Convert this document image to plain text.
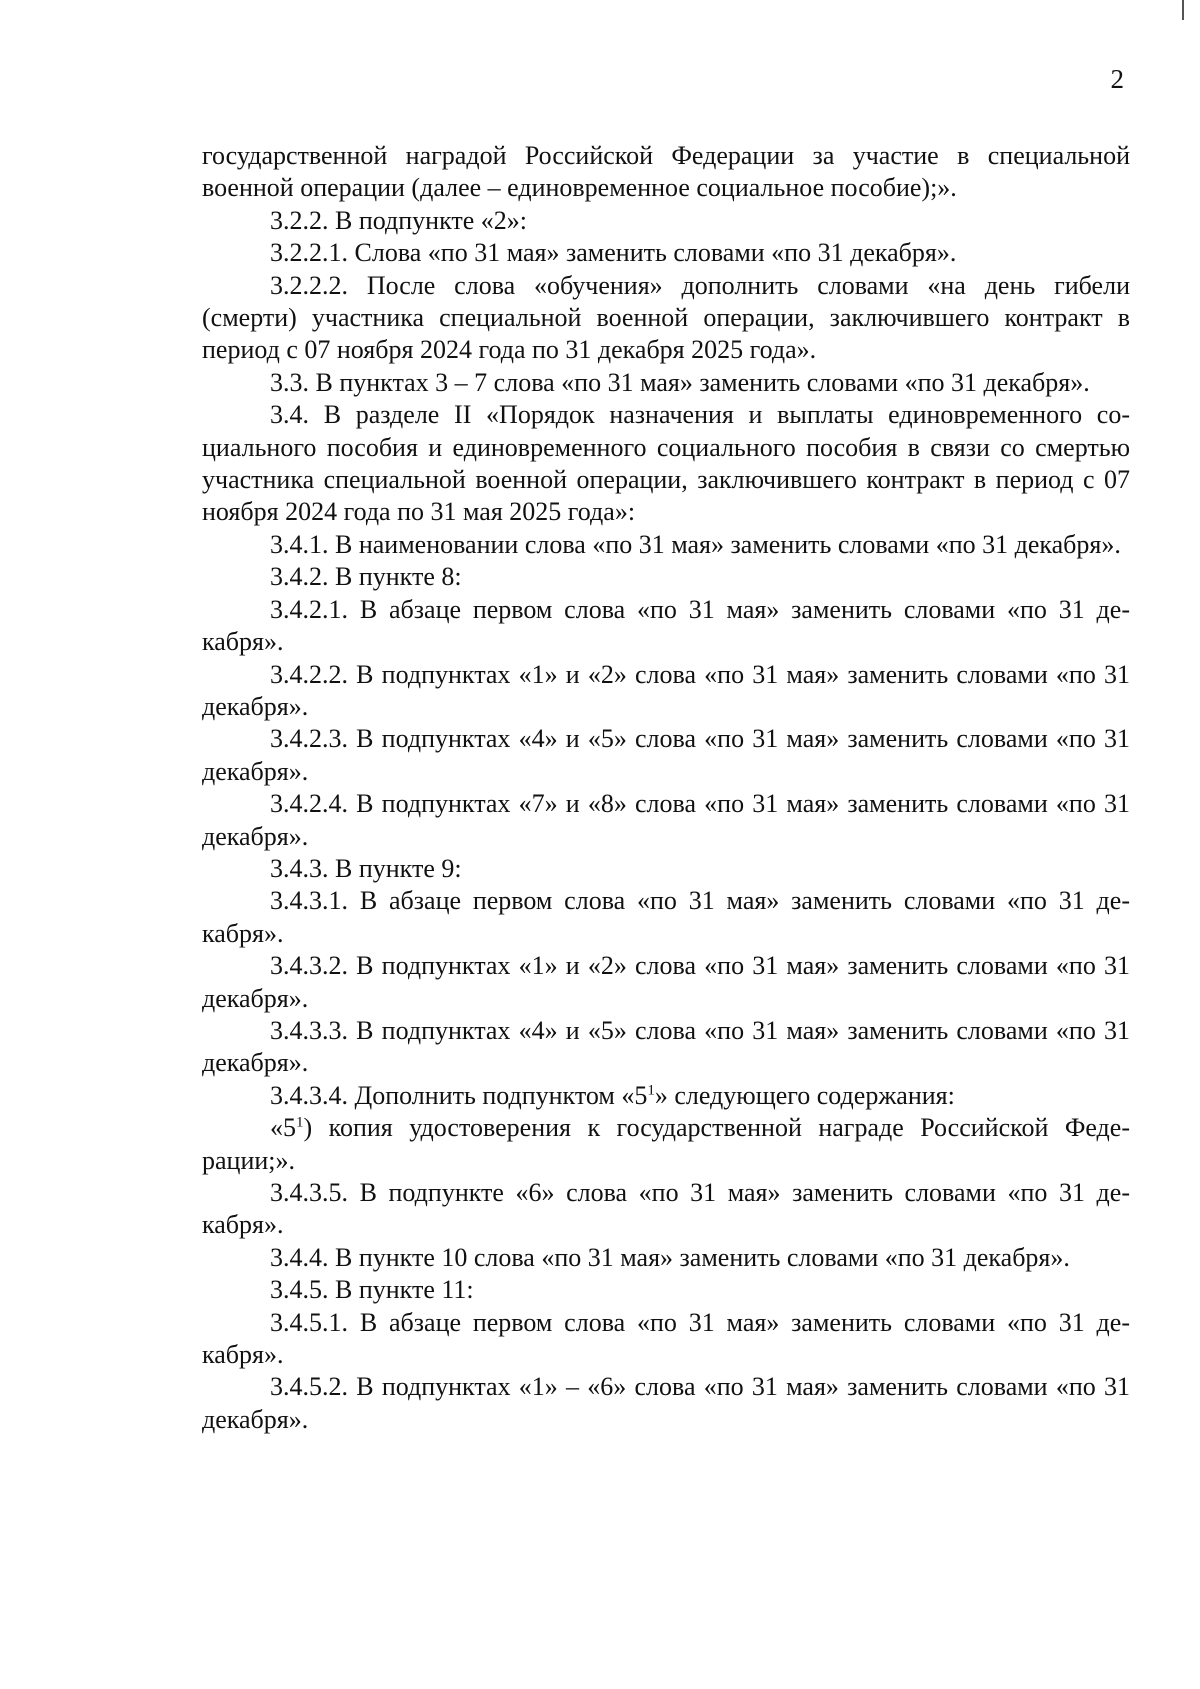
2

государственной наградой Российской Федерации за участие в специальной военной операции (далее – единовременное социальное пособие);».

3.2.2. В подпункте «2»:

3.2.2.1. Слова «по 31 мая» заменить словами «по 31 декабря».

3.2.2.2. После слова «обучения» дополнить словами «на день гибели (смерти) участника специальной военной операции, заключившего контракт в период с 07 ноября 2024 года по 31 декабря 2025 года».

3.3. В пунктах 3 – 7 слова «по 31 мая» заменить словами «по 31 декабря».

3.4. В разделе II «Порядок назначения и выплаты единовременного социального пособия и единовременного социального пособия в связи со смертью участника специальной военной операции, заключившего контракт в период с 07 ноября 2024 года по 31 мая 2025 года»:

3.4.1. В наименовании слова «по 31 мая» заменить словами «по 31 декабря».

3.4.2. В пункте 8:

3.4.2.1. В абзаце первом слова «по 31 мая» заменить словами «по 31 декабря».

3.4.2.2. В подпунктах «1» и «2» слова «по 31 мая» заменить словами «по 31 декабря».

3.4.2.3. В подпунктах «4» и «5» слова «по 31 мая» заменить словами «по 31 декабря».

3.4.2.4. В подпунктах «7» и «8» слова «по 31 мая» заменить словами «по 31 декабря».

3.4.3. В пункте 9:

3.4.3.1. В абзаце первом слова «по 31 мая» заменить словами «по 31 декабря».

3.4.3.2. В подпунктах «1» и «2» слова «по 31 мая» заменить словами «по 31 декабря».

3.4.3.3. В подпунктах «4» и «5» слова «по 31 мая» заменить словами «по 31 декабря».

3.4.3.4. Дополнить подпунктом «$5^1$» следующего содержания:

«$5^1$) копия удостоверения к государственной награде Российской Федерации;».

3.4.3.5. В подпункте «6» слова «по 31 мая» заменить словами «по 31 декабря».

3.4.4. В пункте 10 слова «по 31 мая» заменить словами «по 31 декабря».

3.4.5. В пункте 11:

3.4.5.1. В абзаце первом слова «по 31 мая» заменить словами «по 31 декабря».

3.4.5.2. В подпунктах «1» – «6» слова «по 31 мая» заменить словами «по 31 декабря».
